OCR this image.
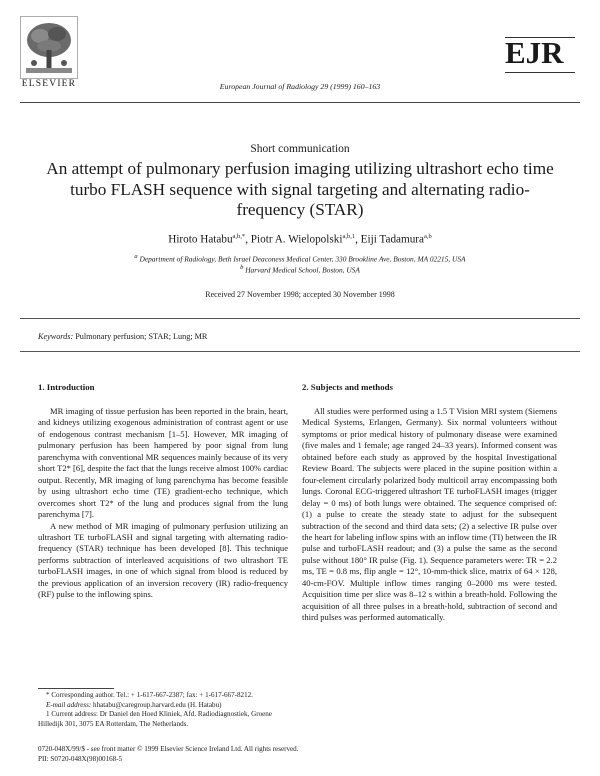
ELSEVIER	European Journal of Radiology 29 (1999) 160–163
EJR
Short communication
An attempt of pulmonary perfusion imaging utilizing ultrashort echo time turbo FLASH sequence with signal targeting and alternating radio-frequency (STAR)
Hiroto Hatabu$^{a,b,*}$, Piotr A. Wielopolski$^{a,b,1}$, Eiji Tadamura$^{a,b}$
$^a$ Department of Radiology, Beth Israel Deaconess Medical Center, 330 Brookline Ave, Boston, MA 02215, USA
$^b$ Harvard Medical School, Boston, USA
Received 27 November 1998; accepted 30 November 1998
Keywords: Pulmonary perfusion; STAR; Lung; MR
1. Introduction	2. Subjects and methods

MR imaging of tissue perfusion has been reported in the brain, heart, and kidneys utilizing exogenous administration of contrast agent or use of endogenous contrast mechanism [1–5]. However, MR imaging of pulmonary perfusion has been hampered by poor signal from lung parenchyma with conventional MR sequences mainly because of its very short T2* [6], despite the fact that the lungs receive almost 100% cardiac output. Recently, MR imaging of lung parenchyma has become feasible by using ultrashort echo time (TE) gradient-echo technique, which overcomes short T2* of the lung and produces signal from the lung parenchyma [7].

A new method of MR imaging of pulmonary perfusion utilizing an ultrashort TE turboFLASH and signal targeting with alternating radio-frequency (STAR) technique has been developed [8]. This technique performs subtraction of interleaved acquisitions of two ultrashort TE turboFLASH images, in one of which signal from blood is reduced by the previous application of an inversion recovery (IR) radio-frequency (RF) pulse to the inflowing spins.

All studies were performed using a 1.5 T Vision MRI system (Siemens Medical Systems, Erlangen, Germany). Six normal volunteers without symptoms or prior medical history of pulmonary disease were examined (five males and 1 female; age ranged 24–33 years). Informed consent was obtained before each study as approved by the hospital Investigational Review Board. The subjects were placed in the supine position within a four-element circularly polarized body multicoil array encompassing both lungs. Coronal ECG-triggered ultrashort TE turboFLASH images (trigger delay = 0 ms) of both lungs were obtained. The sequence comprised of: (1) a pulse to create the steady state to adjust for the subsequent subtraction of the second and third data sets; (2) a selective IR pulse over the heart for labeling inflow spins with an inflow time (TI) between the IR pulse and turboFLASH readout; and (3) a pulse the same as the second pulse without 180° IR pulse (Fig. 1). Sequence parameters were: TR = 2.2 ms, TE = 0.8 ms, flip angle = 12°, 10-mm-thick slice, matrix of 64 × 128, 40-cm-FOV. Multiple inflow times ranging 0–2000 ms were tested. Acquisition time per slice was 8–12 s within a breath-hold. Following the acquisition of all three pulses in a breath-hold, subtraction of second and third pulses was performed automatically.

* Corresponding author. Tel.: + 1-617-667-2387; fax: + 1-617-667-8212.

E-mail address: hhatabu@caregroup.harvard.edu (H. Hatabu)

1 Current address: Dr Daniel den Hoed Kliniek, Afd. Radiodiagnostiek, Groene Hilledijk 301, 3075 EA Rotterdam, The Netherlands.

0720-048X/99/$ - see front matter © 1999 Elsevier Science Ireland Ltd. All rights reserved.
PII: S0720-048X(98)00168-5
